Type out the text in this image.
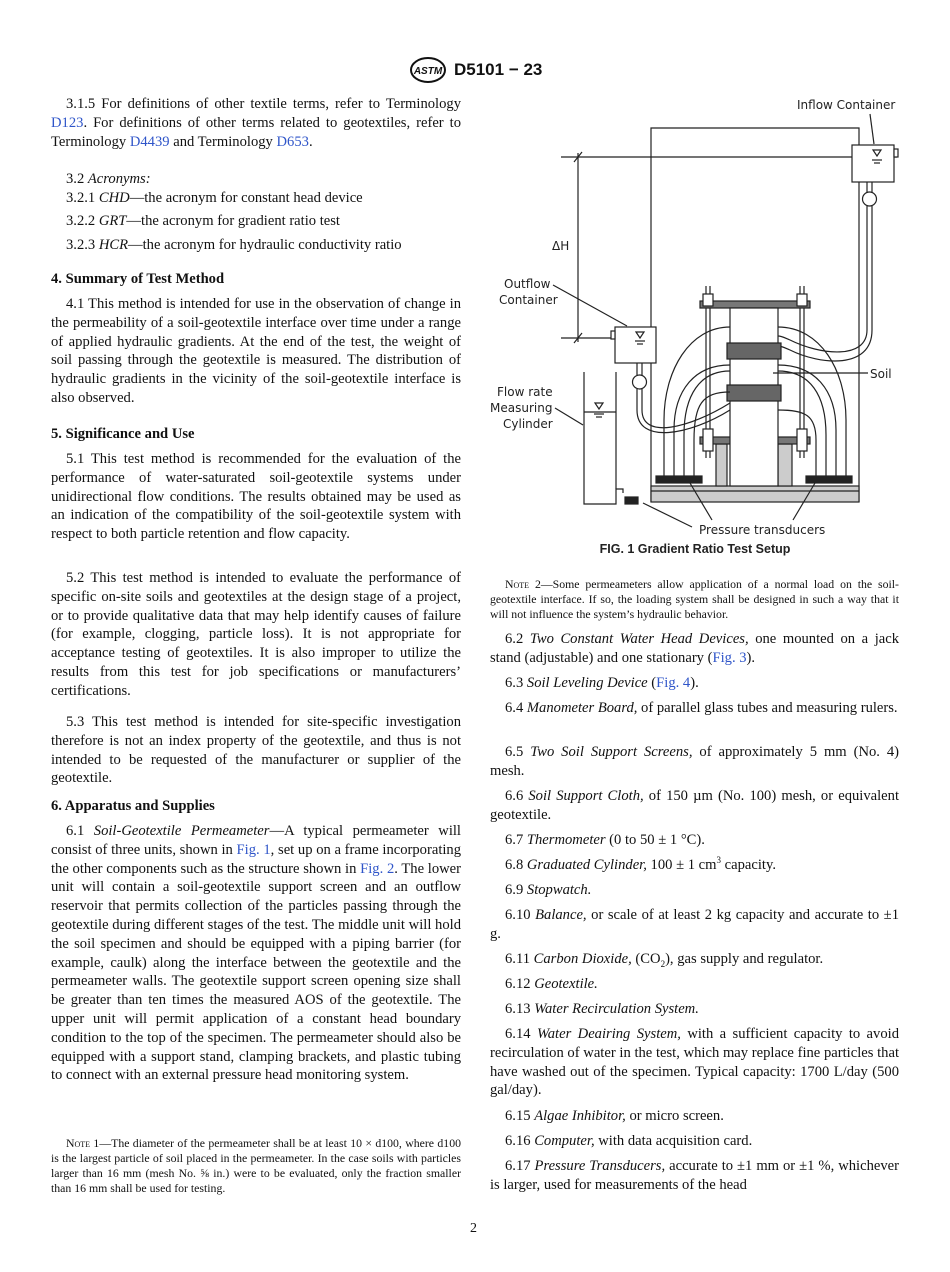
ASTM D5101 − 23

3.1.5 For definitions of other textile terms, refer to Terminology D123. For definitions of other terms related to geotextiles, refer to Terminology D4439 and Terminology D653.

3.2 Acronyms:

3.2.1 CHD—the acronym for constant head device

3.2.2 GRT—the acronym for gradient ratio test

3.2.3 HCR—the acronym for hydraulic conductivity ratio

4. Summary of Test Method

4.1 This method is intended for use in the observation of change in the permeability of a soil-geotextile interface over time under a range of applied hydraulic gradients. At the end of the test, the weight of soil passing through the geotextile is measured. The distribution of hydraulic gradients in the vicinity of the soil-geotextile interface is also observed.

5. Significance and Use

5.1 This test method is recommended for the evaluation of the performance of water-saturated soil-geotextile systems under unidirectional flow conditions. The results obtained may be used as an indication of the compatibility of the soil-geotextile system with respect to both particle retention and flow capacity.

5.2 This test method is intended to evaluate the performance of specific on-site soils and geotextiles at the design stage of a project, or to provide qualitative data that may help identify causes of failure (for example, clogging, particle loss). It is not appropriate for acceptance testing of geotextiles. It is also improper to utilize the results from this test for job specifications or manufacturers’ certifications.

5.3 This test method is intended for site-specific investigation therefore is not an index property of the geotextile, and thus is not intended to be requested of the manufacturer or supplier of the geotextile.

6. Apparatus and Supplies

6.1 Soil-Geotextile Permeameter—A typical permeameter will consist of three units, shown in Fig. 1, set up on a frame incorporating the other components such as the structure shown in Fig. 2. The lower unit will contain a soil-geotextile support screen and an outflow reservoir that permits collection of the particles passing through the geotextile during different stages of the test. The middle unit will hold the soil specimen and should be equipped with a piping barrier (for example, caulk) along the interface between the geotextile and the permeameter walls. The geotextile support screen opening size shall be greater than ten times the measured AOS of the geotextile. The upper unit will permit application of a constant head boundary condition to the top of the specimen. The permeameter should also be equipped with a support stand, clamping brackets, and plastic tubing to connect with an external pressure head monitoring system.

Note 1—The diameter of the permeameter shall be at least 10 × d100, where d100 is the largest particle of soil placed in the permeameter. In the case soils with particles larger than 16 mm (mesh No. ⅝ in.) were to be evaluated, only the fraction smaller than 16 mm shall be used for testing.

Note 2—Some permeameters allow application of a normal load on the soil-geotextile interface. If so, the loading system shall be designed in such a way that it will not influence the system’s hydraulic behavior.

6.2 Two Constant Water Head Devices, one mounted on a jack stand (adjustable) and one stationary (Fig. 3).

6.3 Soil Leveling Device (Fig. 4).

6.4 Manometer Board, of parallel glass tubes and measuring rulers.

6.5 Two Soil Support Screens, of approximately 5 mm (No. 4) mesh.

6.6 Soil Support Cloth, of 150 µm (No. 100) mesh, or equivalent geotextile.

6.7 Thermometer (0 to 50 ± 1 °C).

6.8 Graduated Cylinder, 100 ± 1 $cm^3$ capacity.

6.9 Stopwatch.

6.10 Balance, or scale of at least 2 kg capacity and accurate to ±1 g.

6.11 Carbon Dioxide, $(CO_2)$, gas supply and regulator.

6.12 Geotextile.

6.13 Water Recirculation System.

6.14 Water Deairing System, with a sufficient capacity to avoid recirculation of water in the test, which may replace fine particles that have washed out of the specimen. Typical capacity: 1700 L/day (500 gal/day).

6.15 Algae Inhibitor, or micro screen.

6.16 Computer, with data acquisition card.

6.17 Pressure Transducers, accurate to ±1 mm or ±1 %, whichever is larger, used for measurements of the head

Inflow Container
ΔH
Outflow
Container
Flow rate
Measuring
Cylinder
Soil
Pressure transducers
FIG. 1 Gradient Ratio Test Setup
2
